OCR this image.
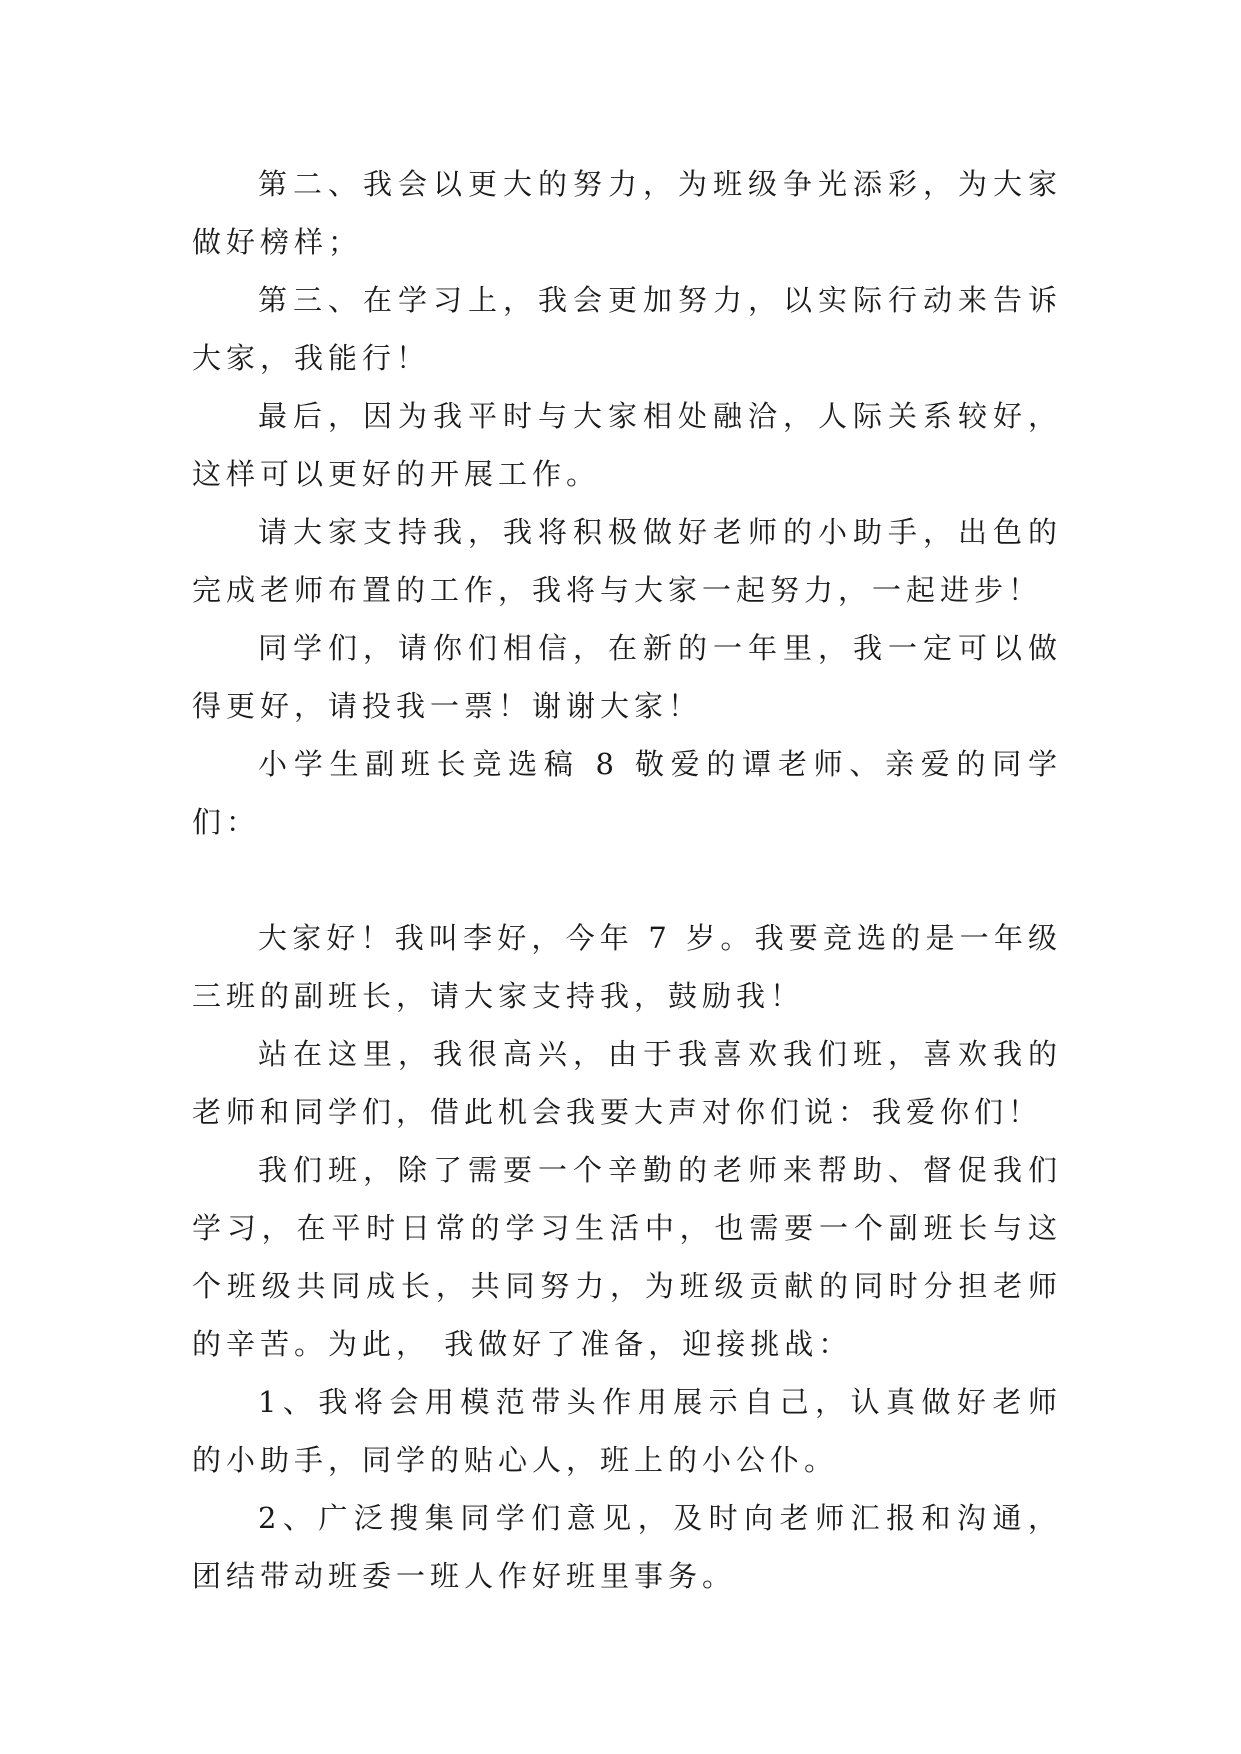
第二、我会以更大的努力，为班级争光添彩，为大家做好榜样；

第三、在学习上，我会更加努力，以实际行动来告诉大家，我能行！

最后，因为我平时与大家相处融洽，人际关系较好，这样可以更好的开展工作。

请大家支持我，我将积极做好老师的小助手，出色的完成老师布置的工作，我将与大家一起努力，一起进步！

同学们，请你们相信，在新的一年里，我一定可以做得更好，请投我一票！谢谢大家！

小学生副班长竞选稿 8 敬爱的谭老师、亲爱的同学们：

大家好！我叫李好，今年 7 岁。我要竞选的是一年级三班的副班长，请大家支持我，鼓励我！

站在这里，我很高兴，由于我喜欢我们班，喜欢我的老师和同学们，借此机会我要大声对你们说：我爱你们！

我们班，除了需要一个辛勤的老师来帮助、督促我们学习，在平时日常的学习生活中，也需要一个副班长与这个班级共同成长，共同努力，为班级贡献的同时分担老师的辛苦。为此， 我做好了准备，迎接挑战：

1、我将会用模范带头作用展示自己，认真做好老师的小助手，同学的贴心人，班上的小公仆。

2、广泛搜集同学们意见，及时向老师汇报和沟通，团结带动班委一班人作好班里事务。
